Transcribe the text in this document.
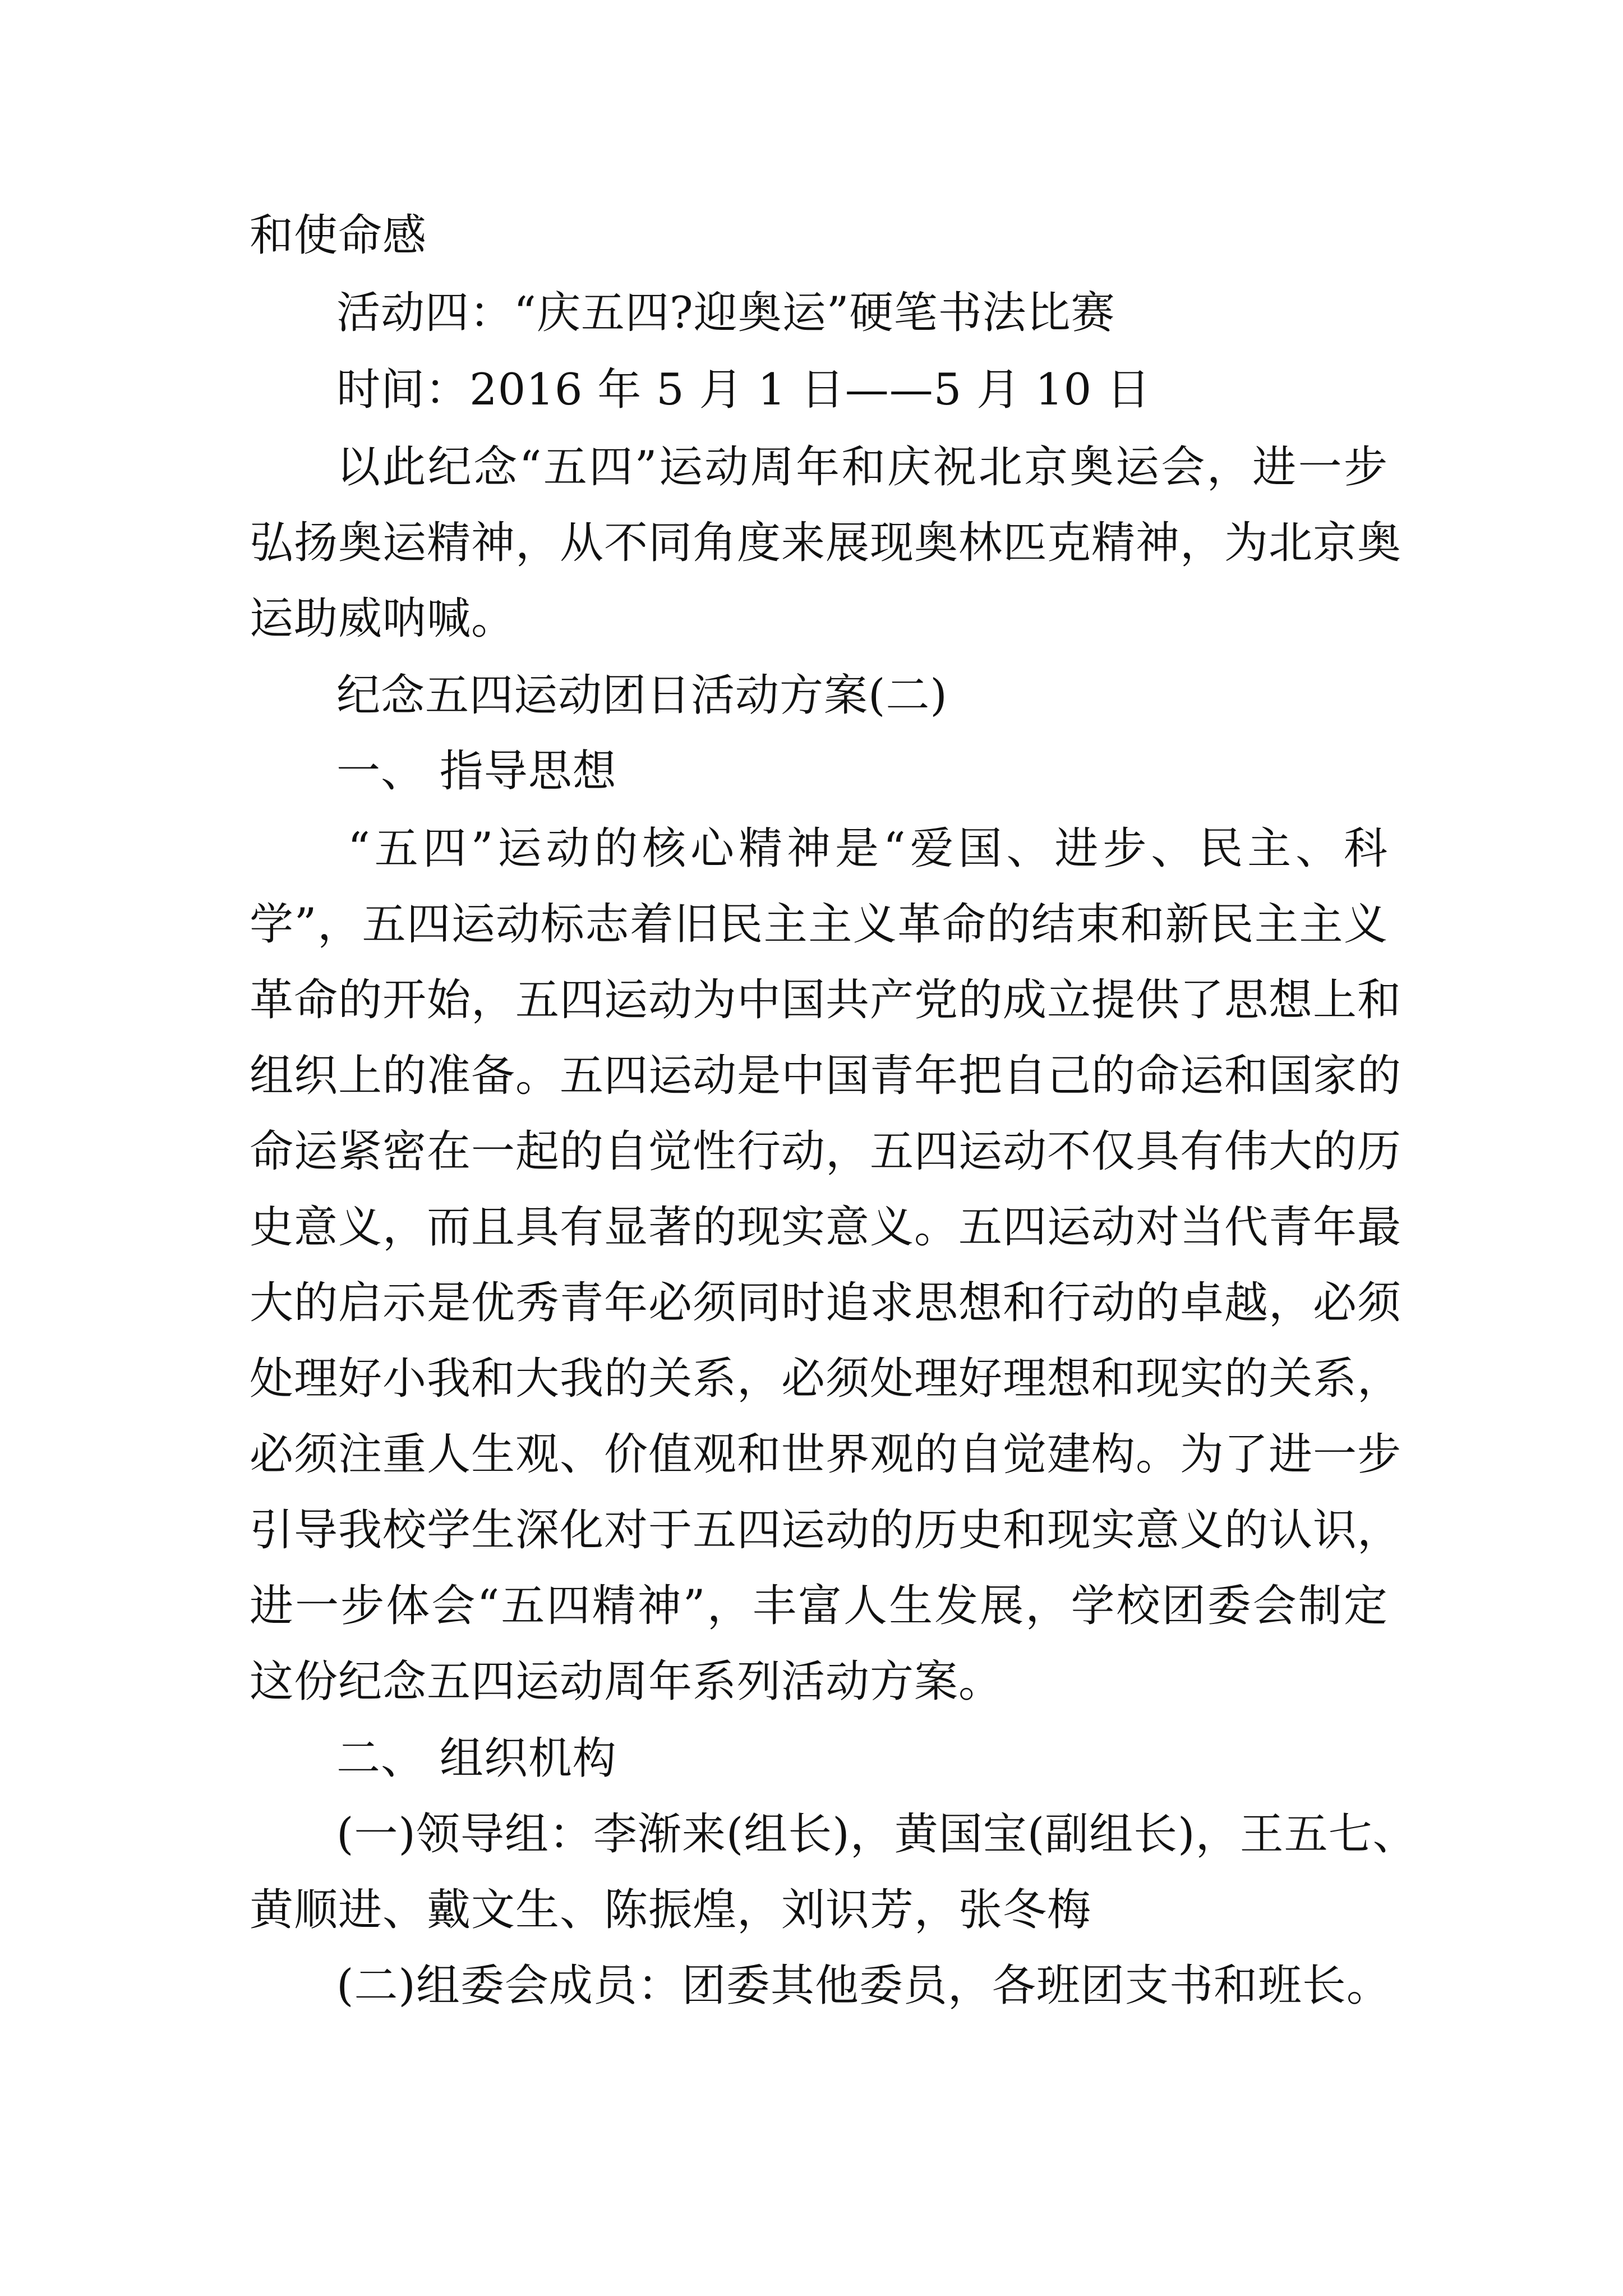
和使命感
活动四：“庆五四?迎奥运”硬笔书法比赛
时间：2016 年 5 月 1 日——5 月 10 日
以此纪念“五四”运动周年和庆祝北京奥运会，进一步
弘扬奥运精神，从不同角度来展现奥林匹克精神，为北京奥
运助威呐喊。
纪念五四运动团日活动方案(二)
一、 指导思想
“五四”运动的核心精神是“爱国、进步、民主、科
学”，五四运动标志着旧民主主义革命的结束和新民主主义
革命的开始，五四运动为中国共产党的成立提供了思想上和
组织上的准备。五四运动是中国青年把自己的命运和国家的
命运紧密在一起的自觉性行动，五四运动不仅具有伟大的历
史意义，而且具有显著的现实意义。五四运动对当代青年最
大的启示是优秀青年必须同时追求思想和行动的卓越，必须
处理好小我和大我的关系，必须处理好理想和现实的关系，
必须注重人生观、价值观和世界观的自觉建构。为了进一步
引导我校学生深化对于五四运动的历史和现实意义的认识，
进一步体会“五四精神”，丰富人生发展，学校团委会制定
这份纪念五四运动周年系列活动方案。
二、 组织机构
(一)领导组：李渐来(组长)，黄国宝(副组长)，王五七、
黄顺进、戴文生、陈振煌，刘识芳，张冬梅
(二)组委会成员：团委其他委员，各班团支书和班长。
